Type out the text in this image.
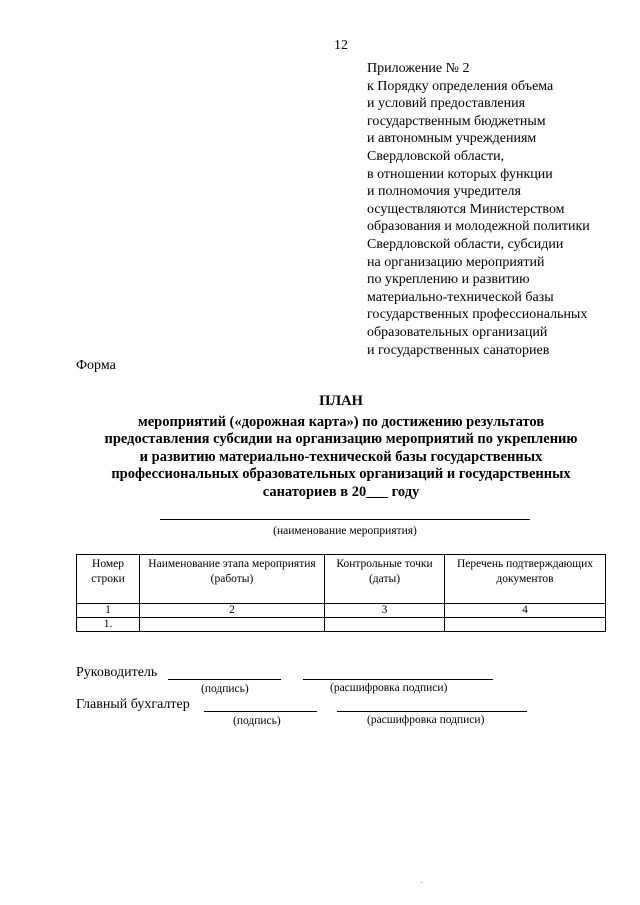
12
Приложение № 2
к Порядку определения объема
и условий предоставления
государственным бюджетным
и автономным учреждениям
Свердловской области,
в отношении которых функции
и полномочия учредителя
осуществляются Министерством
образования и молодежной политики
Свердловской области, субсидии
на организацию мероприятий
по укреплению и развитию
материально-технической базы
государственных профессиональных
образовательных организаций
и государственных санаториев
Форма
ПЛАН
мероприятий («дорожная карта») по достижению результатов
предоставления субсидии на организацию мероприятий по укреплению
и развитию материально-технической базы государственных
профессиональных образовательных организаций и государственных
санаториев в 20___ году
(наименование мероприятия)
Номер строки	Наименование этапа мероприятия (работы)	Контрольные точки (даты)	Перечень подтверждающих документов
1	2	3	4
1.			
Руководитель
(подпись)	(расшифровка подписи)
Главный бухгалтер
(подпись)	(расшифровка подписи)
